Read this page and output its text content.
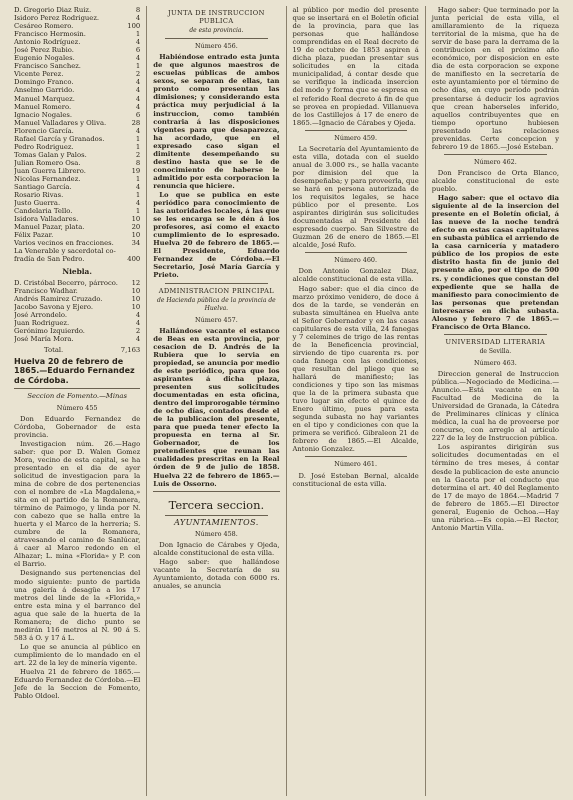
D. Gregorio Diaz Ruiz.	8
Isidoro Perez Rodriguez.	4
Cesáreo Romero.	100
Francisco Hermosin.	1
Antonio Rodríguez.	4
José Perez Rubio.	6
Eugenio Nogales.	4
Francisco Sanchez.	1
Vicente Perez.	2
Domingo Franco.	4
Anselmo Garrido.	4
Manuel Marquez.	4
Manuel Romero.	4
Ignacio Nogales.	6
Manuel Valladares y Oliva.	28
Florencio García.	4
Rafael García y Granados.	1
Pedro Rodriguez.	1
Tomas Galan y Palos.	2
Julian Romero Osa.	8
Juan Guerra Librero.	19
Nicolas Fernandez.	1
Santiago García.	4
Rosario Rivas.	1
Justo Guerra.	4
Candelaria Tello.	1
Isidora Valladares.	10
Manuel Pazar, plata.	20
Félix Pazar.	10
Varios vecinos en fracciones.	34
La Venerable y sacerdotal co-
fradía de San Pedro.	400
Niebla.
D. Cristóbal Becerro, párroco. 12
Francisco Wadhar.	10
Andrés Ramirez Cruzado.	10
Jacobo Savona y Ejero.	10
José Arrondelo.	4
Juan Rodriguez.	4
Gerónimo Izquierdo.	2
José María Mora.	4
Total.	7,163
Huelva 20 de febrero de 1865.—Eduardo Fernandez de Córdoba.
Seccion de Fomento.—Minas
Número 455

Don Eduardo Fernandez de Córdoba, Gobernador de esta provincia.

Investigacion núm. 26.—Hago saber: que por D. Walen Gomez Mora, vecino de esta capital, se ha presentado en el dia de ayer solicitud de investigacion para la mina de cobre de dos pertenencias con el nombre de «La Magdalena,» sita en el partido de la Romanera, término de Paimogo, y linda por N. con cabezo que se halla entre la huerta y el Marco de la herreria; S. cumbre de la Romanera, atravesando el camino de Sanlúcar, á caer al Marco redondo en el Alhazar; L. mina «Florida» y P. con el Barrio.

Designando sus pertenencias del modo siguiente: punto de partida una galería á desagüe a los 17 metros del linde de la «Florida,» entre esta mina y el barranco del agua que sale de la huerta de la Romanera; de dicho punto se medirán 116 metros al N. 90 á S. 583 á O. y 17 á L.

Lo que se anuncia al público en cumplimiento de lo mandado en el art. 22 de la ley de minería vigente.

Huelva 21 de febrero de 1865.—Eduardo Fernandez de Córdoba.—El Jefe de la Seccion de Fomento, Pablo Oldoel.

JUNTA DE INSTRUCCION PUBLICA
de esta provincia.
Número 456.

Habiéndose entrado esta junta de que algunos maestros de escuelas públicas de ambos sexos, se separan de ellas, tan pronto como presentan las dimisiones; y considerando esta práctica muy perjudicial á la instruccion, como también contraria á las disposiciones vigentes para que desaparezca, ha acordado, que en el expresado caso sigan el dimitente desempeñando su destino hasta que se le de conocimiento de haberse le admitido por esta corporacion la renuncia que hiciere.

Lo que se publica en este periódico para conocimiento de las autoridades locales, á las que se les encarga se le dén á los profesores, así como el exacto cumplimiento de lo espresado. Huelva 20 de febrero de 1865.—El Presidente, Eduardo Fernandez de Córdoba.—El Secretario, José María García y Prieto.

ADMINISTRACION PRINCIPAL
de Hacienda pública de la provincia de Huelva.
Número 457.

Hallándose vacante el estanco de Beas en esta provincia, por cesacion de D. Andrés de la Rubiera que lo servia en propiedad, se anuncia por medio de este periódico, para que los aspirantes á dicha plaza, presenten sus solicitudes documentadas en esta oficina, dentro del improrogable término de ocho días, contados desde el de la publicacion del presente, para que pueda tener efecto la propuesta en terna al Sr. Gobernador, de los pretendientes que reunan las cualidades prescritas en la Real órden de 9 de julio de 1858. Huelva 22 de febrero de 1865.—Luis de Ossorno.

Tercera seccion.
AYUNTAMIENTOS.
Número 458.

Don Ignacio de Cárabes y Ojeda, alcalde constitucional de esta villa.

Hago saber: que hallándose vacante la Secretaría de su Ayuntamiento, dotada con 6000 rs. anuales, se anuncia

al público por medio del presente que se insertará en el Boletín oficial de la provincia, para que las personas que hallándose comprendidas en el Real decreto de 19 de octubre de 1853 aspiren á dicha plaza, puedan presentar sus solicitudes en la citada municipalidad, á contar desde que se verifique la indicada insercion del modo y forma que se espresa en el referido Real decreto á fin de que se provea en propiedad. Villanueva de los Castillejos á 17 de enero de 1865.—Ignacio de Cárabes y Ojeda.

Número 459.

La Secretaría del Ayuntamiento de esta villa, dotada con el sueldo anual de 3.000 rs., se halla vacante por dimision del que la desempeñaba; y para proveerla, que se hará en persona autorizada de los requisitos legales, se hace público por el presente. Los aspirantes dirigirán sus solicitudes documentadas al Presidente del espresado cuerpo. San Silvestre de Guzman 26 de enero de 1865.—El alcalde, José Rufo.

Número 460.

Don Antonio Gonzalez Diaz, alcalde constitucional de esta villa.

Hago saber: que el dia cinco de marzo próximo venidero, de doce á dos de la tarde, se venderán en subasta simultánea en Huelva ante el Señor Gobernador y en las casas capitulares de esta villa, 24 fanegas y 7 celemines de trigo de las rentas de la Beneficencia provincial, sirviendo de tipo cuarenta rs. por cada fanega con las condiciones, que resultan del pliego que se hallará de manifiesto; las condiciones y tipo son las mismas que la de la primera subasta que tuvo lugar sin efecto el quince de Enero último, pues para esta segunda subasta no hay variantes en el tipo y condiciones con que la primera se verificó. Gibraleon 21 de febrero de 1865.—El Alcalde, Antonio Gonzalez.

Número 461.

D. José Esteban Bernal, alcalde constitucional de esta villa.

Hago saber: Que terminado por la junta pericial de esta villa, el amillaramiento de la riqueza territorial de la misma, que ha de servir de base para la derrama de la contribucion en el próximo año económico, por disposicion en este dia de esta corporacion se expone de manifiesto en la secretaría de este ayuntamiento por el término de ocho días, en cuyo período podrán presentarse á deducir los agravios que crean haberseles inferido, aquellos contribuyentes que en tiempo oportuno hubiesen presentado las relaciones prevenidas. Certe concepcion y febrero 19 de 1865.—José Esteban.

Número 462.

Don Francisco de Orta Blanco, alcalde constitucional de este pueblo.

Hago saber: que el octavo dia siguiente al de la insercion del presente en el Boletín oficial, á las nueve de la noche tendrá efecto en estas casas capitulares en subasta pública el arriendo de la casa carnicería y matadero público de los propios de este distrito hasta fin de junio del presente año, por el tipo de 500 rs. y condiciones que constan del expediente que se halla de manifiesto para conocimiento de las personas que pretendan interesarse en dicha subasta. Alosno y febrero 7 de 1865.—Francisco de Orta Blanco.

UNIVERSIDAD LITERARIA
de Sevilla.
Número 463.

Direccion general de Instruccion pública.—Negociado de Medicina.—Anuncio.—Está vacante en la Facultad de Medicina de la Universidad de Granada, la Cátedra de Preliminares clínicas y clínica médica, la cual ha de proveerse por concurso, con arreglo al artículo 227 de la ley de Instruccion pública.

Los aspirantes dirigirán sus solicitudes documentadas en el término de tres meses, á contar desde la publicacion de este anuncio en la Gaceta por el conducto que determina el art. 40 del Reglamento de 17 de mayo de 1864.—Madrid 7 de febrero de 1865.—El Director general, Eugenio de Ochoa.—Hay una rúbrica.—Es copia.—El Rector, Antonio Martin Villa.
